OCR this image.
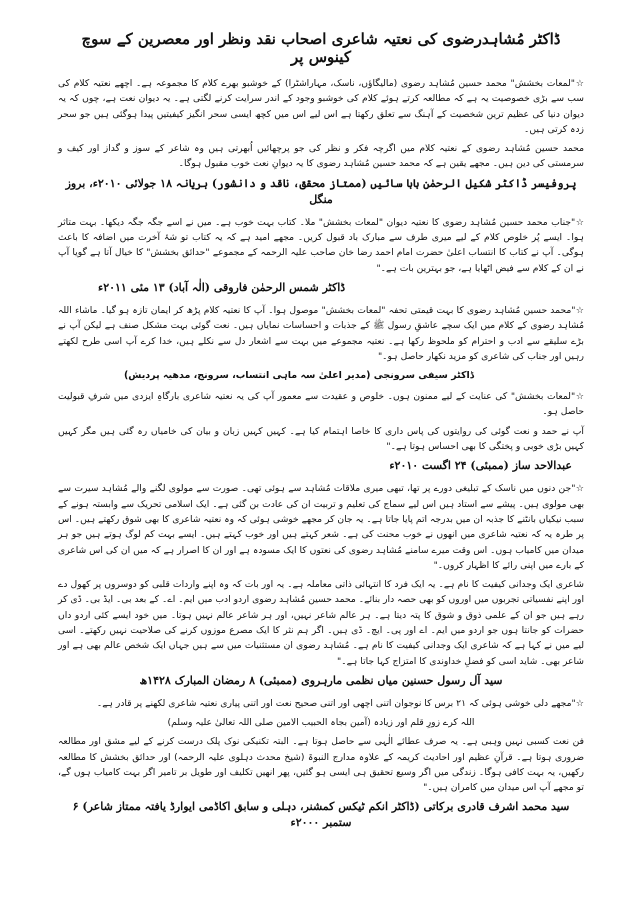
ڈاکٹر مُشاہدرضوی کی نعتیہ شاعری اصحاب نقد ونظر اور معصرین کے سوچ کینوس پر

☆"لمعات بخشش" محمد حسین مُشاہد رضوی (مالیگاؤں، ناسک، مہاراشٹرا) کے خوشبو بھرے کلام کا مجموعہ ہے۔ اچھے نعتیہ کلام کی سب سے بڑی خصوصیت یہ ہے کہ مطالعہ کرتے ہوئے کلام کی خوشبو وجود کے اندر سرایت کرنے لگتی ہے۔ یہ دیوان نعت ہے، چوں کہ یہ دیوان دنیا کی عظیم ترین شخصیت کے آہنگ سے تعلق رکھتا ہے اس لیے اس میں کچھ ایسی سحر انگیز کیفیتیں پیدا ہوگئی ہیں جو سحر زدہ کرتی ہیں۔

محمد حسین مُشاہد رضوی کے نعتیہ کلام میں اگرچہ فکر و نظر کی جو پرچھائیں اُبھرتی ہیں وہ شاعر کے سوز و گداز اور کیف و سرمستی کی دین ہیں۔ مجھے یقین ہے کہ محمد حسین مُشاہد رضوی کا یہ دیوانِ نعت خوب مقبول ہوگا۔

پروفیسر ڈاکٹر شکیل الرحمٰن بابا سائیں (ممتاز محقق، ناقد و دانشور) ہریانہ ۱۸ جولائی ۲۰۱۰ء، بروز منگل

☆"جناب محمد حسین مُشاہد رضوی کا نعتیہ دیوان "لمعات بخشش" ملا۔ کتاب بہت خوب ہے۔ میں نے اسے جگہ جگہ دیکھا۔ بہت متاثر ہوا۔ ایسے پُر خلوص کلام کے لیے میری طرف سے مبارک باد قبول کریں۔ مجھے امید ہے کہ یہ کتاب تو شۂ آخرت میں اضافہ کا باعث ہوگی۔ آپ نے کتاب کا انتساب اعلیٰ حضرت امام احمد رضا خان صاحب علیہ الرحمہ کے مجموعے "حدائق بخشش" کا خیال آتا ہے گویا آپ نے ان کے کلام سے فیض اٹھایا ہے، جو بہترین بات ہے۔"

ڈاکٹر شمس الرحمٰن فاروقی (الٰہ آباد) ۱۳ مئی ۲۰۱۱ء

☆"محمد حسین مُشاہد رضوی کا بہت قیمتی تحفہ "لمعات بخشش" موصول ہوا۔ آپ کا نعتیہ کلام پڑھ کر ایمان تازہ ہو گیا۔ ماشاء اللہ مُشاہد رضوی کے کلام میں ایک سچے عاشقِ رسول ﷺ کے جذبات و احساسات نمایاں ہیں۔ نعت گوئی بہت مشکل صنف ہے لیکن آپ نے بڑے سلیقے سے ادب و احترام کو ملحوظ رکھا ہے۔ نعتیہ مجموعے میں بہت سے اشعار دل سے نکلے ہیں، خدا کرے آپ اسی طرح لکھتے رہیں اور جناب کی شاعری کو مزید نکھار حاصل ہو۔"

ڈاکٹر سیفی سرونجی (مدیر اعلیٰ سہ ماہی انتساب، سرونج، مدھیہ پردیش)

☆"لمعات بخشش" کی عنایت کے لیے ممنون ہوں۔ خلوص و عقیدت سے معمور آپ کی یہ نعتیہ شاعری بارگاہِ ایزدی میں شرفِ قبولیت حاصل ہو۔

آپ نے حمد و نعت گوئی کی روایتوں کی پاس داری کا خاصا اہتمام کیا ہے۔ کہیں کہیں زبان و بیان کی خامیاں رہ گئی ہیں مگر کہیں کہیں بڑی خوبی و پختگی کا بھی احساس ہوتا ہے۔"

عبدالاحد ساز (ممبئی) ۲۴ اگست ۲۰۱۰ء

☆"جن دنوں میں ناسک کے تبلیغی دورے پر تھا، تبھی میری ملاقات مُشاہد سے ہوئی تھی۔ صورت سے مولوی لگنے والے مُشاہد سیرت سے بھی مولوی ہیں۔ پیشے سے استاد ہیں اس لیے سماج کی تعلیم و تربیت ان کی عادت بن گئی ہے۔ ایک اسلامی تحریک سے وابستہ ہونے کے سبب نیکیاں بانٹنے کا جذبہ ان میں بدرجہ اتم پایا جاتا ہے۔ یہ جان کر مجھے خوشی ہوئی کہ وہ نعتیہ شاعری کا بھی شوق رکھتے ہیں۔ اس پر طرہ یہ کہ نعتیہ شاعری میں انھوں نے خوب محنت کی ہے۔ شعر کہتے ہیں اور خوب کہتے ہیں۔ ایسے بہت کم لوگ ہوتے ہیں جو ہر میدان میں کامیاب ہوں۔ اس وقت میرے سامنے مُشاہد رضوی کی نعتوں کا ایک مسودہ ہے اور ان کا اصرار ہے کہ میں ان کی اس شاعری کے بارے میں اپنی رائے کا اظہار کروں۔"

شاعری ایک وجدانی کیفیت کا نام ہے۔ یہ ایک فرد کا انتہائی ذاتی معاملہ ہے۔ یہ اور بات کہ وہ اپنے واردات قلبی کو دوسروں پر کھول دے اور اپنے نفسیاتی تجربوں میں اوروں کو بھی حصہ دار بنائے۔ محمد حسین مُشاہد رضوی اردو ادب میں ایم۔ اے۔ کے بعد بی۔ ایڈ بی۔ ڈی کر رہے ہیں جو ان کے علمی ذوق و شوق کا پتہ دیتا ہے۔ ہر عالم شاعر نہیں، اور ہر شاعر عالم نہیں ہوتا۔ میں خود ایسے کئی اردو داں حضرات کو جانتا ہوں جو اردو میں ایم۔ اے اور پی۔ ایچ۔ ڈی ہیں۔ اگر ہم نثر کا ایک مصرع موزوں کرنے کی صلاحیت نہیں رکھتے۔ اسی لیے میں نے کہا ہے کہ شاعری ایک وجدانی کیفیت کا نام ہے۔ مُشاہد رضوی ان مستثنیات میں سے ہیں جہاں ایک شخص عالم بھی ہے اور شاعر بھی۔ شاید اسی کو فضلِ خداوندی کا امتزاج کہا جاتا ہے۔"

سید آل رسول حسنین میاں نظمی مارہروی (ممبئی) ۸ رمضان المبارک ۱۴۲۸ھ

☆"مجھے دلی خوشی ہوئی کہ ۲۱ برس کا نوجوان اتنی اچھی اور اتنی صحیح نعت اور اتنی پیاری نعتیہ شاعری لکھنے پر قادر ہے۔

اللہ کرے زورِ قلم اور زیادہ (آمین بجاہ الحبیب الامین صلی اللہ تعالیٰ علیہ وسلم)

فن نعت کسبی نہیں وہبی ہے۔ یہ صرف عطائے الٰہی سے حاصل ہوتا ہے۔ البتہ تکنیکی نوک پلک درست کرنے کے لیے مشق اور مطالعہ ضروری ہوتا ہے۔ قرآنِ عظیم اور احادیث کریمہ کے علاوہ مدارج النبوۃ (شیخ محدث دہلوی علیہ الرحمہ) اور حدائق بخشش کا مطالعہ رکھیں، یہ بہت کافی ہوگا۔ زندگی میں اگر وسیع تحقیق ہی ایسی ہو گئیں، پھر انھیں تکلیف اور طویل بر تامیر اگر بہت کامیاب ہوں گے، تو مجھے آپ اس میدان میں کامران ہیں۔"

سید محمد اشرف قادری برکاتی (ڈاکٹر انکم ٹیکس کمشنر، دہلی و سابق اکاڈمی ایوارڈ یافتہ ممتاز شاعر) ۶ ستمبر ۲۰۰۰ء
